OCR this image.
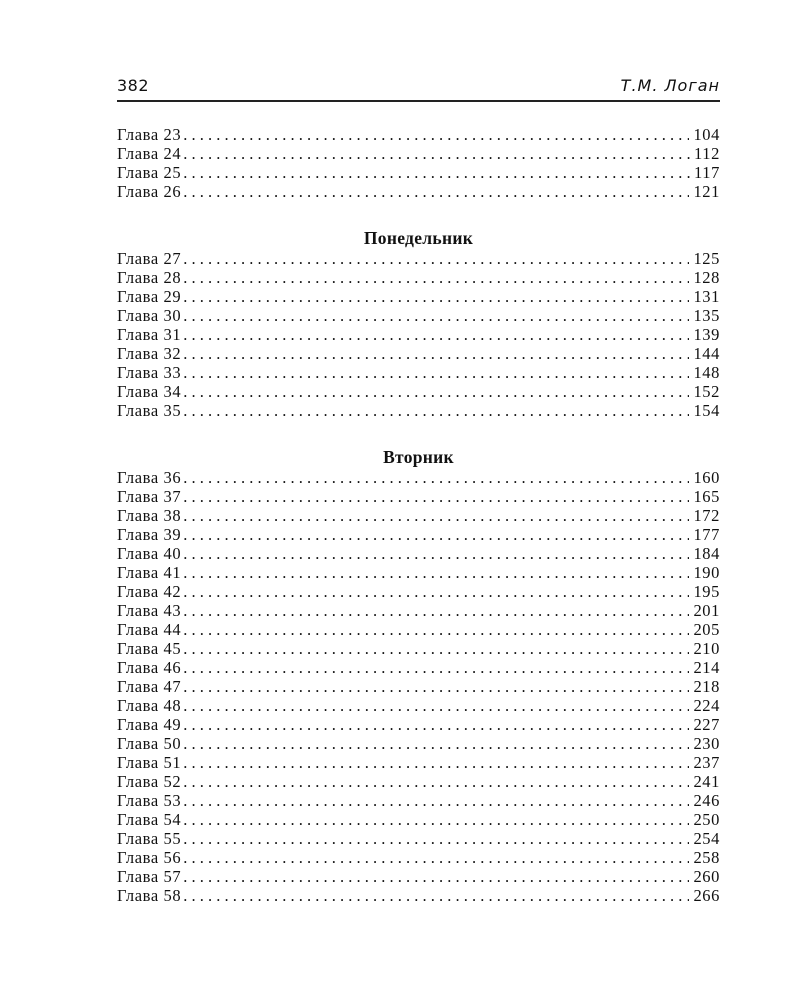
382	Т.М. Логан
Глава 23 . . .	104
Глава 24 . . .	112
Глава 25 . . .	117
Глава 26 . . .	121
Понедельник
Глава 27 . . .	125
Глава 28 . . .	128
Глава 29 . . .	131
Глава 30 . . .	135
Глава 31 . . .	139
Глава 32 . . .	144
Глава 33 . . .	148
Глава 34 . . .	152
Глава 35 . . .	154
Вторник
Глава 36 . . .	160
Глава 37 . . .	165
Глава 38 . . .	172
Глава 39 . . .	177
Глава 40 . . .	184
Глава 41 . . .	190
Глава 42 . . .	195
Глава 43 . . .	201
Глава 44 . . .	205
Глава 45 . . .	210
Глава 46 . . .	214
Глава 47 . . .	218
Глава 48 . . .	224
Глава 49 . . .	227
Глава 50 . . .	230
Глава 51 . . .	237
Глава 52 . . .	241
Глава 53 . . .	246
Глава 54 . . .	250
Глава 55 . . .	254
Глава 56 . . .	258
Глава 57 . . .	260
Глава 58 . . .	266
